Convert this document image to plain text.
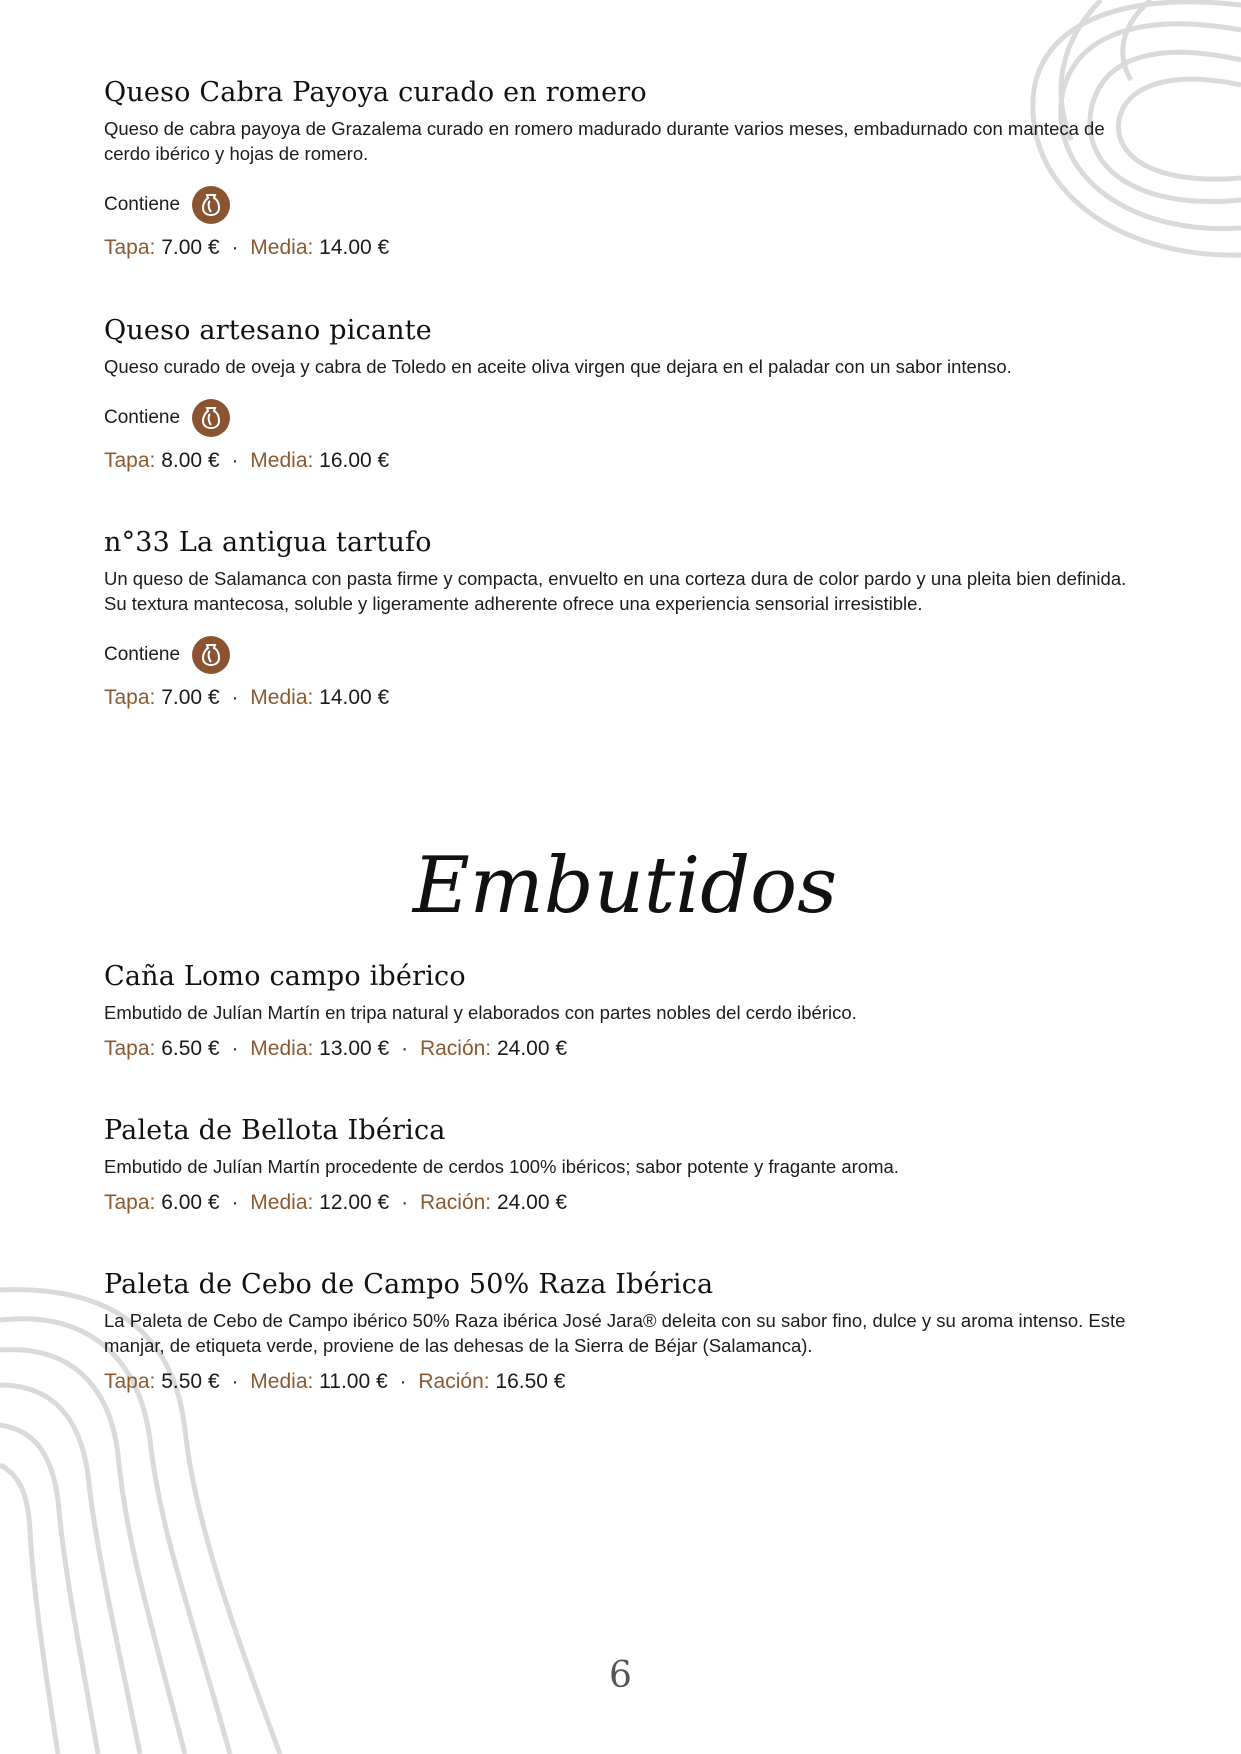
Queso Cabra Payoya curado en romero

Queso de cabra payoya de Grazalema curado en romero madurado durante varios meses, embadurnado con manteca de cerdo ibérico y hojas de romero.

Contiene
Tapa: 7.00 € · Media: 14.00 €
Queso artesano picante

Queso curado de oveja y cabra de Toledo en aceite oliva virgen que dejara en el paladar con un sabor intenso.

Contiene
Tapa: 8.00 € · Media: 16.00 €
n°33 La antigua tartufo

Un queso de Salamanca con pasta firme y compacta, envuelto en una corteza dura de color pardo y una pleita bien definida. Su textura mantecosa, soluble y ligeramente adherente ofrece una experiencia sensorial irresistible.

Contiene
Tapa: 7.00 € · Media: 14.00 €
Embutidos
Caña Lomo campo ibérico

Embutido de Julían Martín en tripa natural y elaborados con partes nobles del cerdo ibérico.

Tapa: 6.50 € · Media: 13.00 € · Ración: 24.00 €
Paleta de Bellota Ibérica

Embutido de Julían Martín procedente de cerdos 100% ibéricos; sabor potente y fragante aroma.

Tapa: 6.00 € · Media: 12.00 € · Ración: 24.00 €
Paleta de Cebo de Campo 50% Raza Ibérica

La Paleta de Cebo de Campo ibérico 50% Raza ibérica José Jara® deleita con su sabor fino, dulce y su aroma intenso. Este manjar, de etiqueta verde, proviene de las dehesas de la Sierra de Béjar (Salamanca).

Tapa: 5.50 € · Media: 11.00 € · Ración: 16.50 €
6
